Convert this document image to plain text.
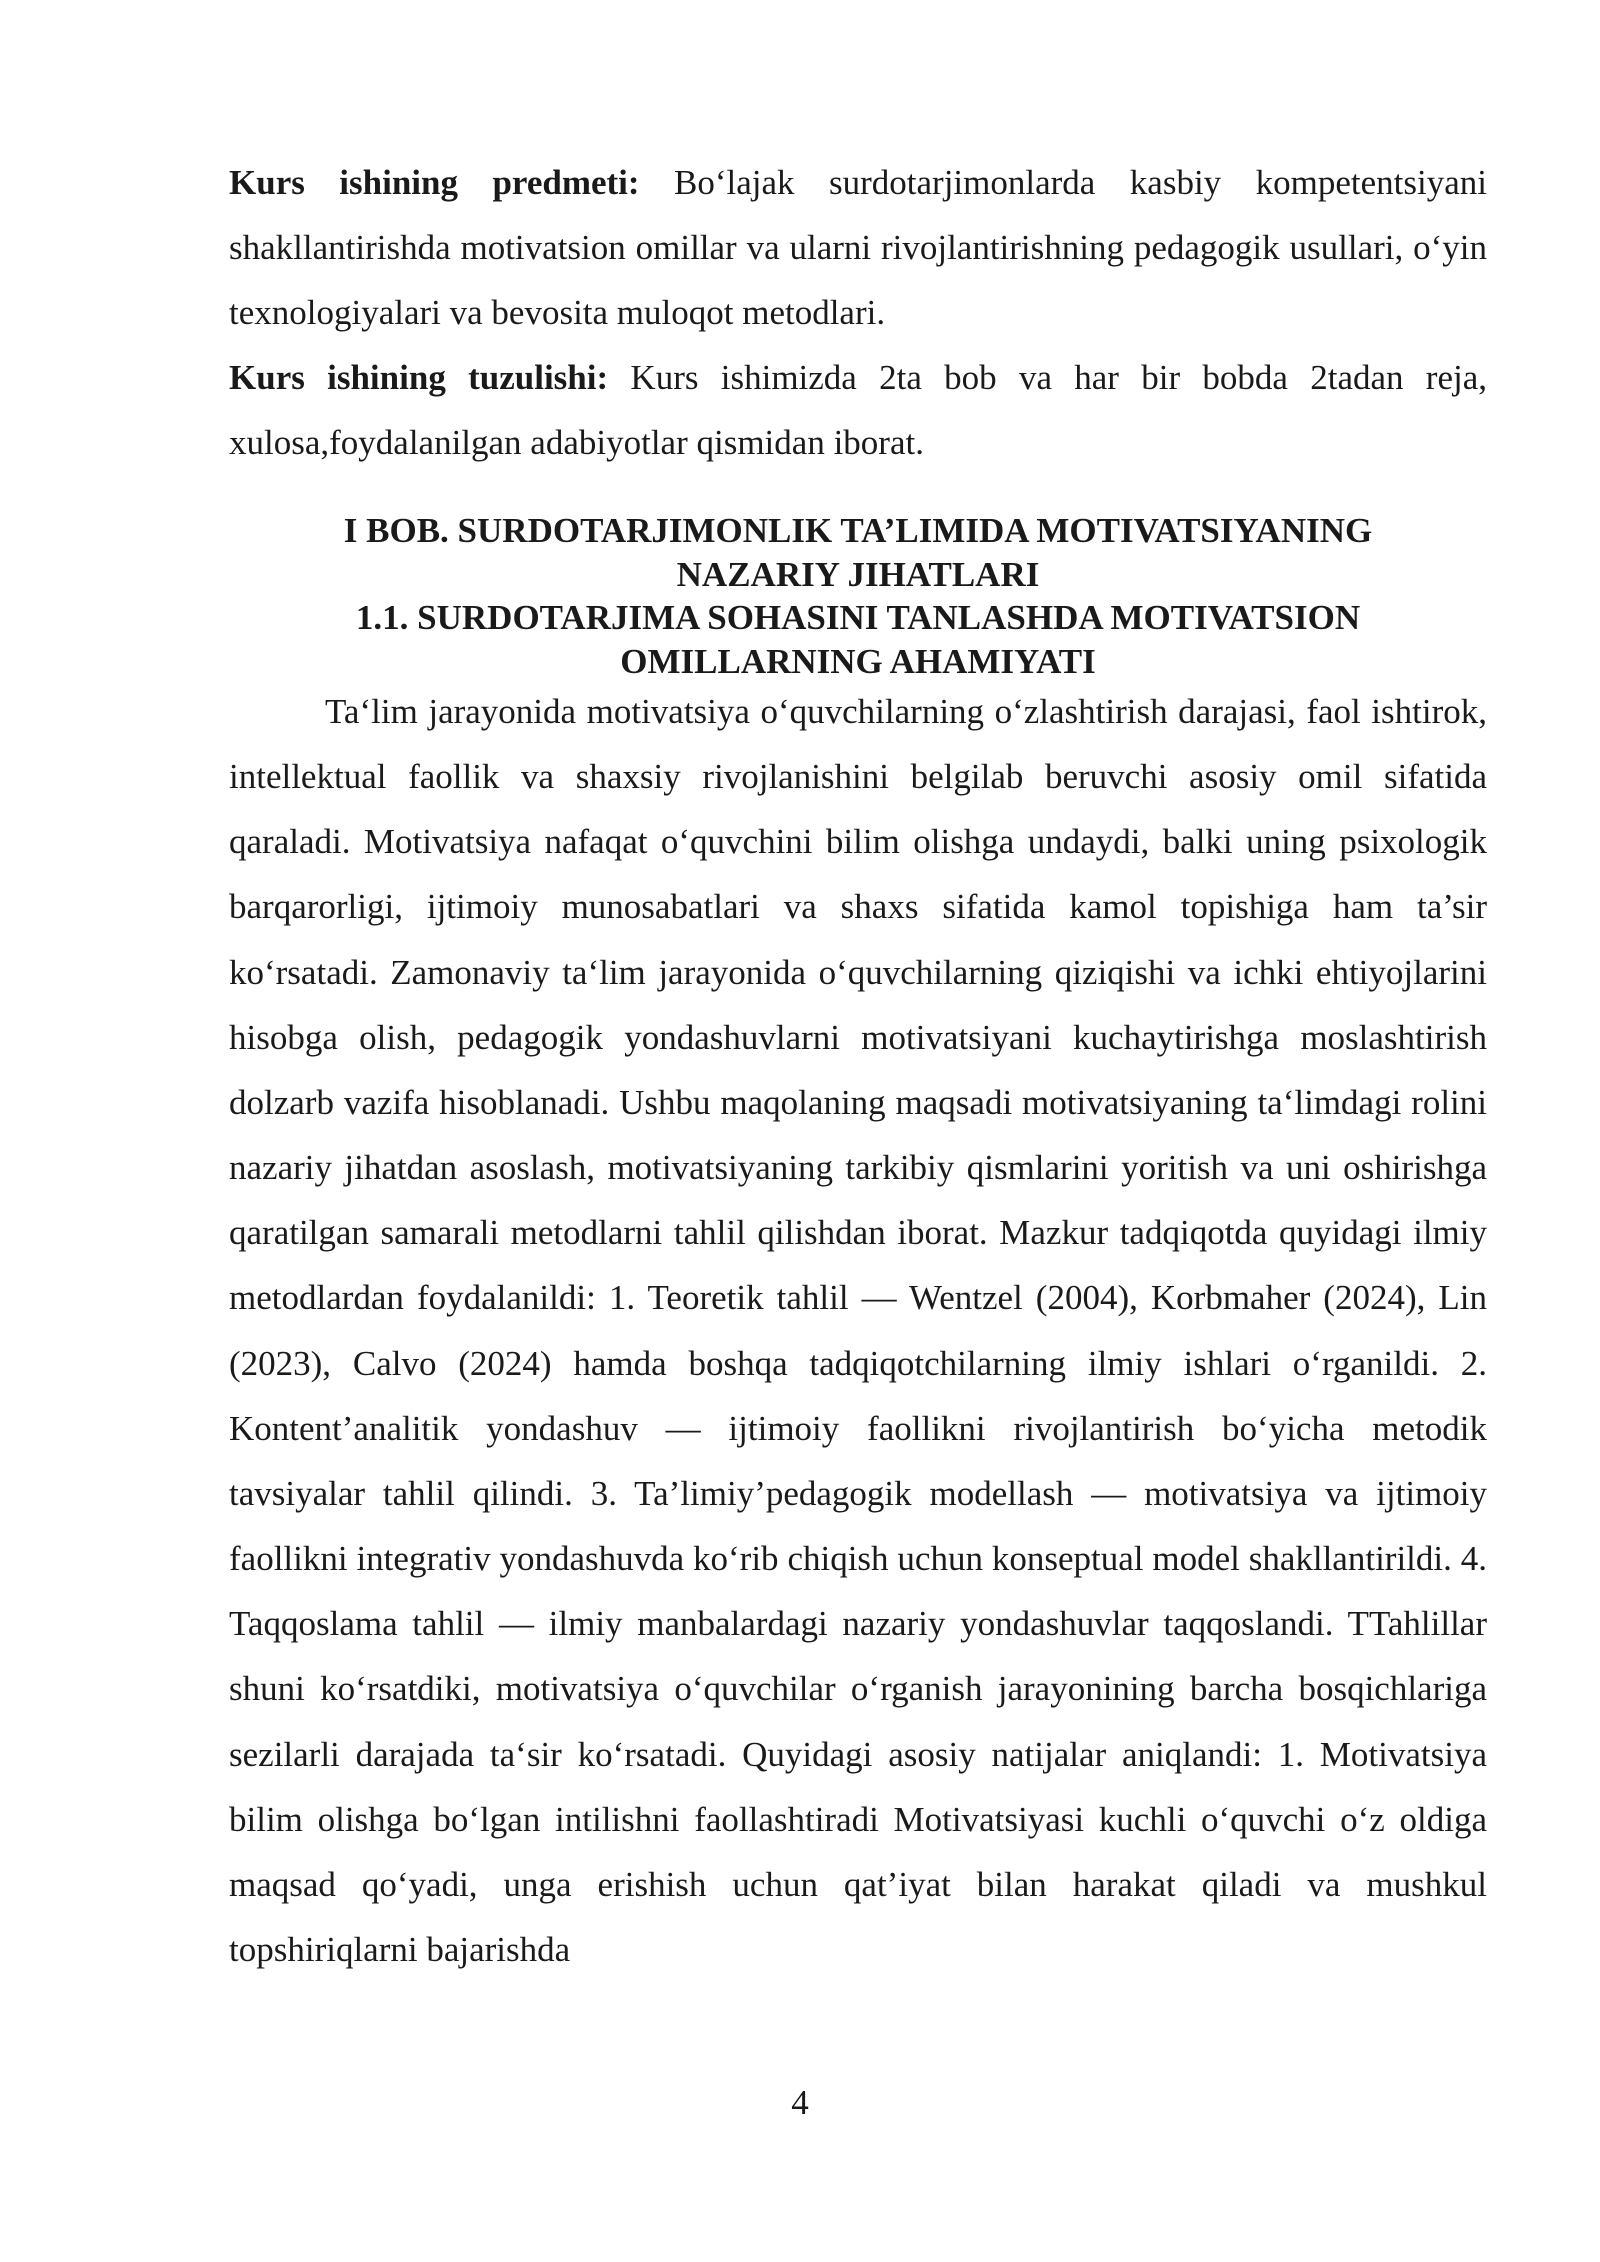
Kurs ishining predmeti: Bo‘lajak surdotarjimonlarda kasbiy kompetentsiyani shakllantirishda motivatsion omillar va ularni rivojlantirishning pedagogik usullari, o‘yin texnologiyalari va bevosita muloqot metodlari.

Kurs ishining tuzulishi: Kurs ishimizda 2ta bob va har bir bobda 2tadan reja, xulosa,foydalanilgan adabiyotlar qismidan iborat.

I BOB. SURDOTARJIMONLIK TA’LIMIDA MOTIVATSIYANING

NAZARIY JIHATLARI

1.1. SURDOTARJIMA SOHASINI TANLASHDA MOTIVATSION

OMILLARNING AHAMIYATI

Ta‘lim jarayonida motivatsiya o‘quvchilarning o‘zlashtirish darajasi, faol ishtirok, intellektual faollik va shaxsiy rivojlanishini belgilab beruvchi asosiy omil sifatida qaraladi. Motivatsiya nafaqat o‘quvchini bilim olishga undaydi, balki uning psixologik barqarorligi, ijtimoiy munosabatlari va shaxs sifatida kamol topishiga ham ta’sir ko‘rsatadi. Zamonaviy ta‘lim jarayonida o‘quvchilarning qiziqishi va ichki ehtiyojlarini hisobga olish, pedagogik yondashuvlarni motivatsiyani kuchaytirishga moslashtirish dolzarb vazifa hisoblanadi. Ushbu maqolaning maqsadi motivatsiyaning ta‘limdagi rolini nazariy jihatdan asoslash, motivatsiyaning tarkibiy qismlarini yoritish va uni oshirishga qaratilgan samarali metodlarni tahlil qilishdan iborat. Mazkur tadqiqotda quyidagi ilmiy metodlardan foydalanildi: 1. Teoretik tahlil — Wentzel (2004), Korbmaher (2024), Lin (2023), Calvo (2024) hamda boshqa tadqiqotchilarning ilmiy ishlari o‘rganildi. 2. Kontent’analitik yondashuv — ijtimoiy faollikni rivojlantirish bo‘yicha metodik tavsiyalar tahlil qilindi. 3. Ta’limiy’pedagogik modellash — motivatsiya va ijtimoiy faollikni integrativ yondashuvda ko‘rib chiqish uchun konseptual model shakllantirildi. 4. Taqqoslama tahlil — ilmiy manbalardagi nazariy yondashuvlar taqqoslandi. TTahlillar shuni ko‘rsatdiki, motivatsiya o‘quvchilar o‘rganish jarayonining barcha bosqichlariga sezilarli darajada ta‘sir ko‘rsatadi. Quyidagi asosiy natijalar aniqlandi: 1. Motivatsiya bilim olishga bo‘lgan intilishni faollashtiradi Motivatsiyasi kuchli o‘quvchi o‘z oldiga maqsad qo‘yadi, unga erishish uchun qat’iyat bilan harakat qiladi va mushkul topshiriqlarni bajarishda

4
